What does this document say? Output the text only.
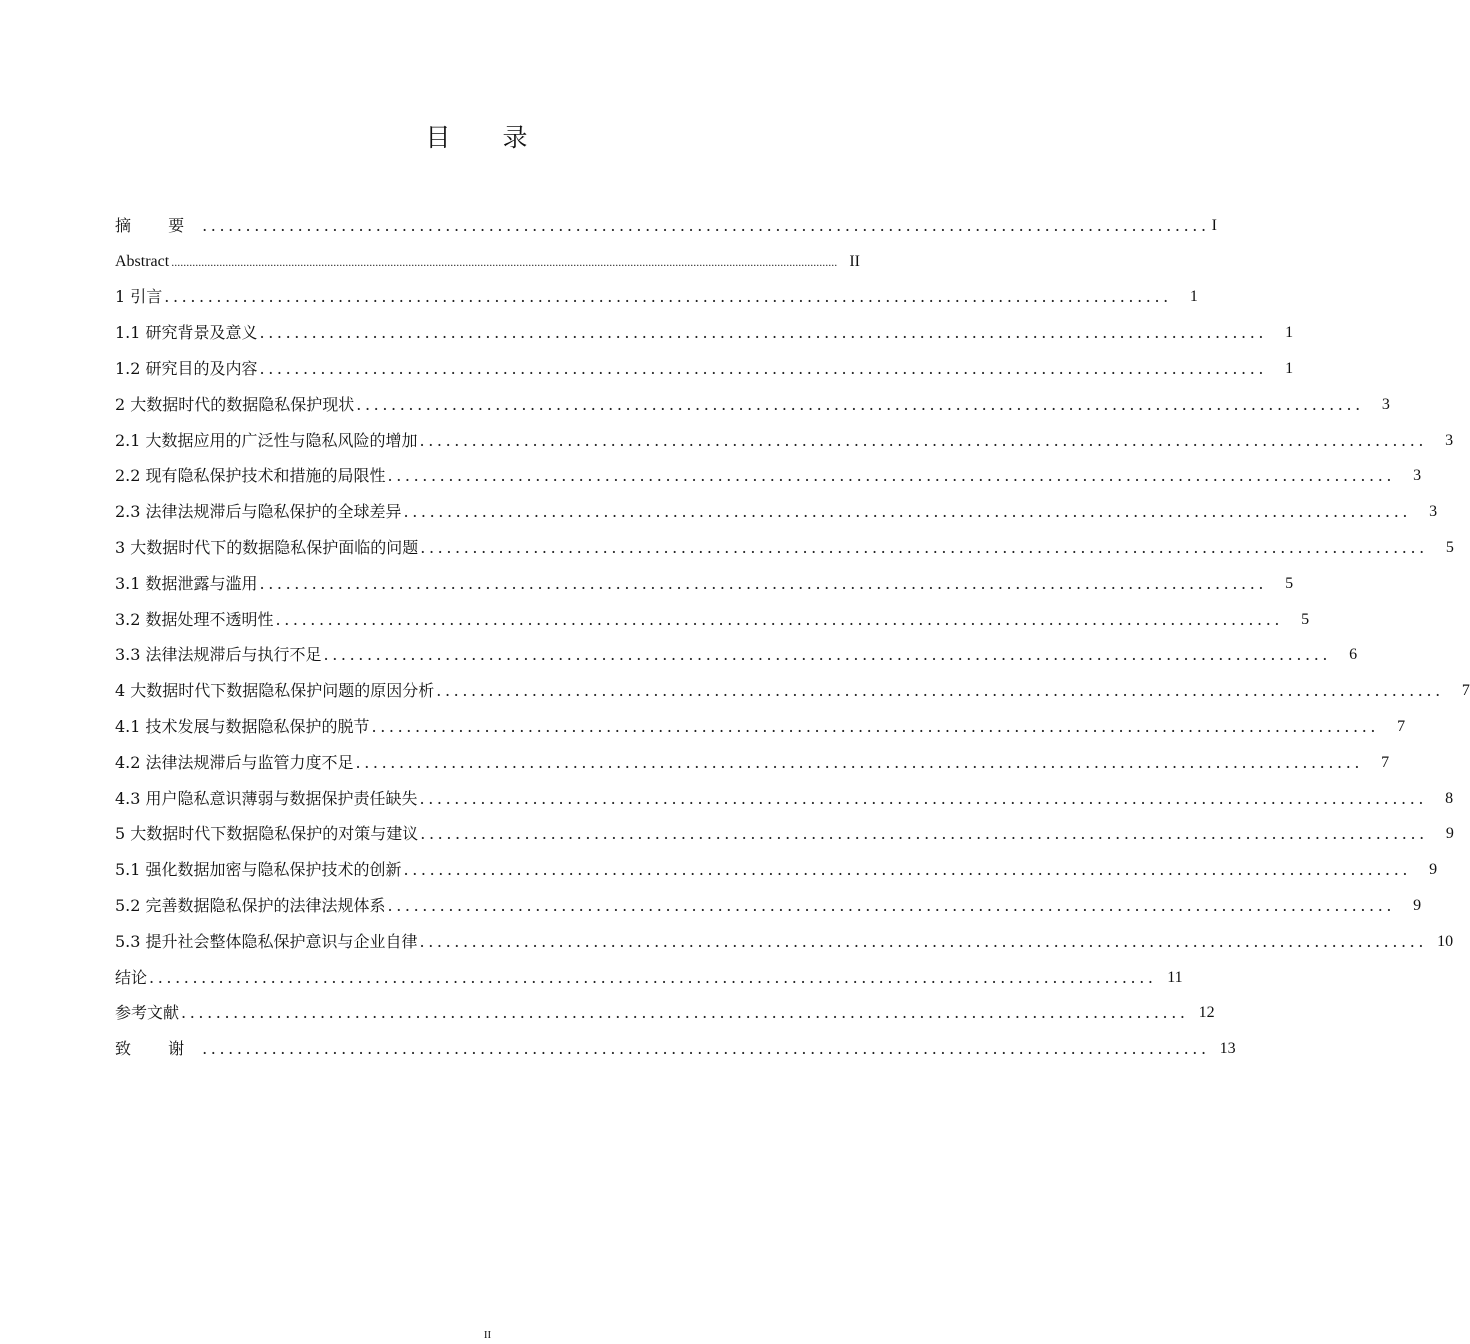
目 录
摘 要 .................................................................................................................... I
Abstract .............................................................................................................................................................................................................................. II
1 引言 ....................................................................................................................	1
1.1 研究背景及意义 ....................................................................................................................	1
1.2 研究目的及内容 ....................................................................................................................	1
2 大数据时代的数据隐私保护现状 ....................................................................................................................	3
2.1 大数据应用的广泛性与隐私风险的增加 ....................................................................................................................	3
2.2 现有隐私保护技术和措施的局限性 ....................................................................................................................	3
2.3 法律法规滞后与隐私保护的全球差异 ....................................................................................................................	3
3 大数据时代下的数据隐私保护面临的问题 ....................................................................................................................	5
3.1 数据泄露与滥用 ....................................................................................................................	5
3.2 数据处理不透明性 ....................................................................................................................	5
3.3 法律法规滞后与执行不足 ....................................................................................................................	6
4 大数据时代下数据隐私保护问题的原因分析 ....................................................................................................................	7
4.1 技术发展与数据隐私保护的脱节 ....................................................................................................................	7
4.2 法律法规滞后与监管力度不足 ....................................................................................................................	7
4.3 用户隐私意识薄弱与数据保护责任缺失 ....................................................................................................................	8
5 大数据时代下数据隐私保护的对策与建议 ....................................................................................................................	9
5.1 强化数据加密与隐私保护技术的创新 ....................................................................................................................	9
5.2 完善数据隐私保护的法律法规体系 ....................................................................................................................	9
5.3 提升社会整体隐私保护意识与企业自律 .................................................................................................................... 10
结论 .................................................................................................................... 11
参考文献 .................................................................................................................... 12
致 谢 .................................................................................................................... 13
II
